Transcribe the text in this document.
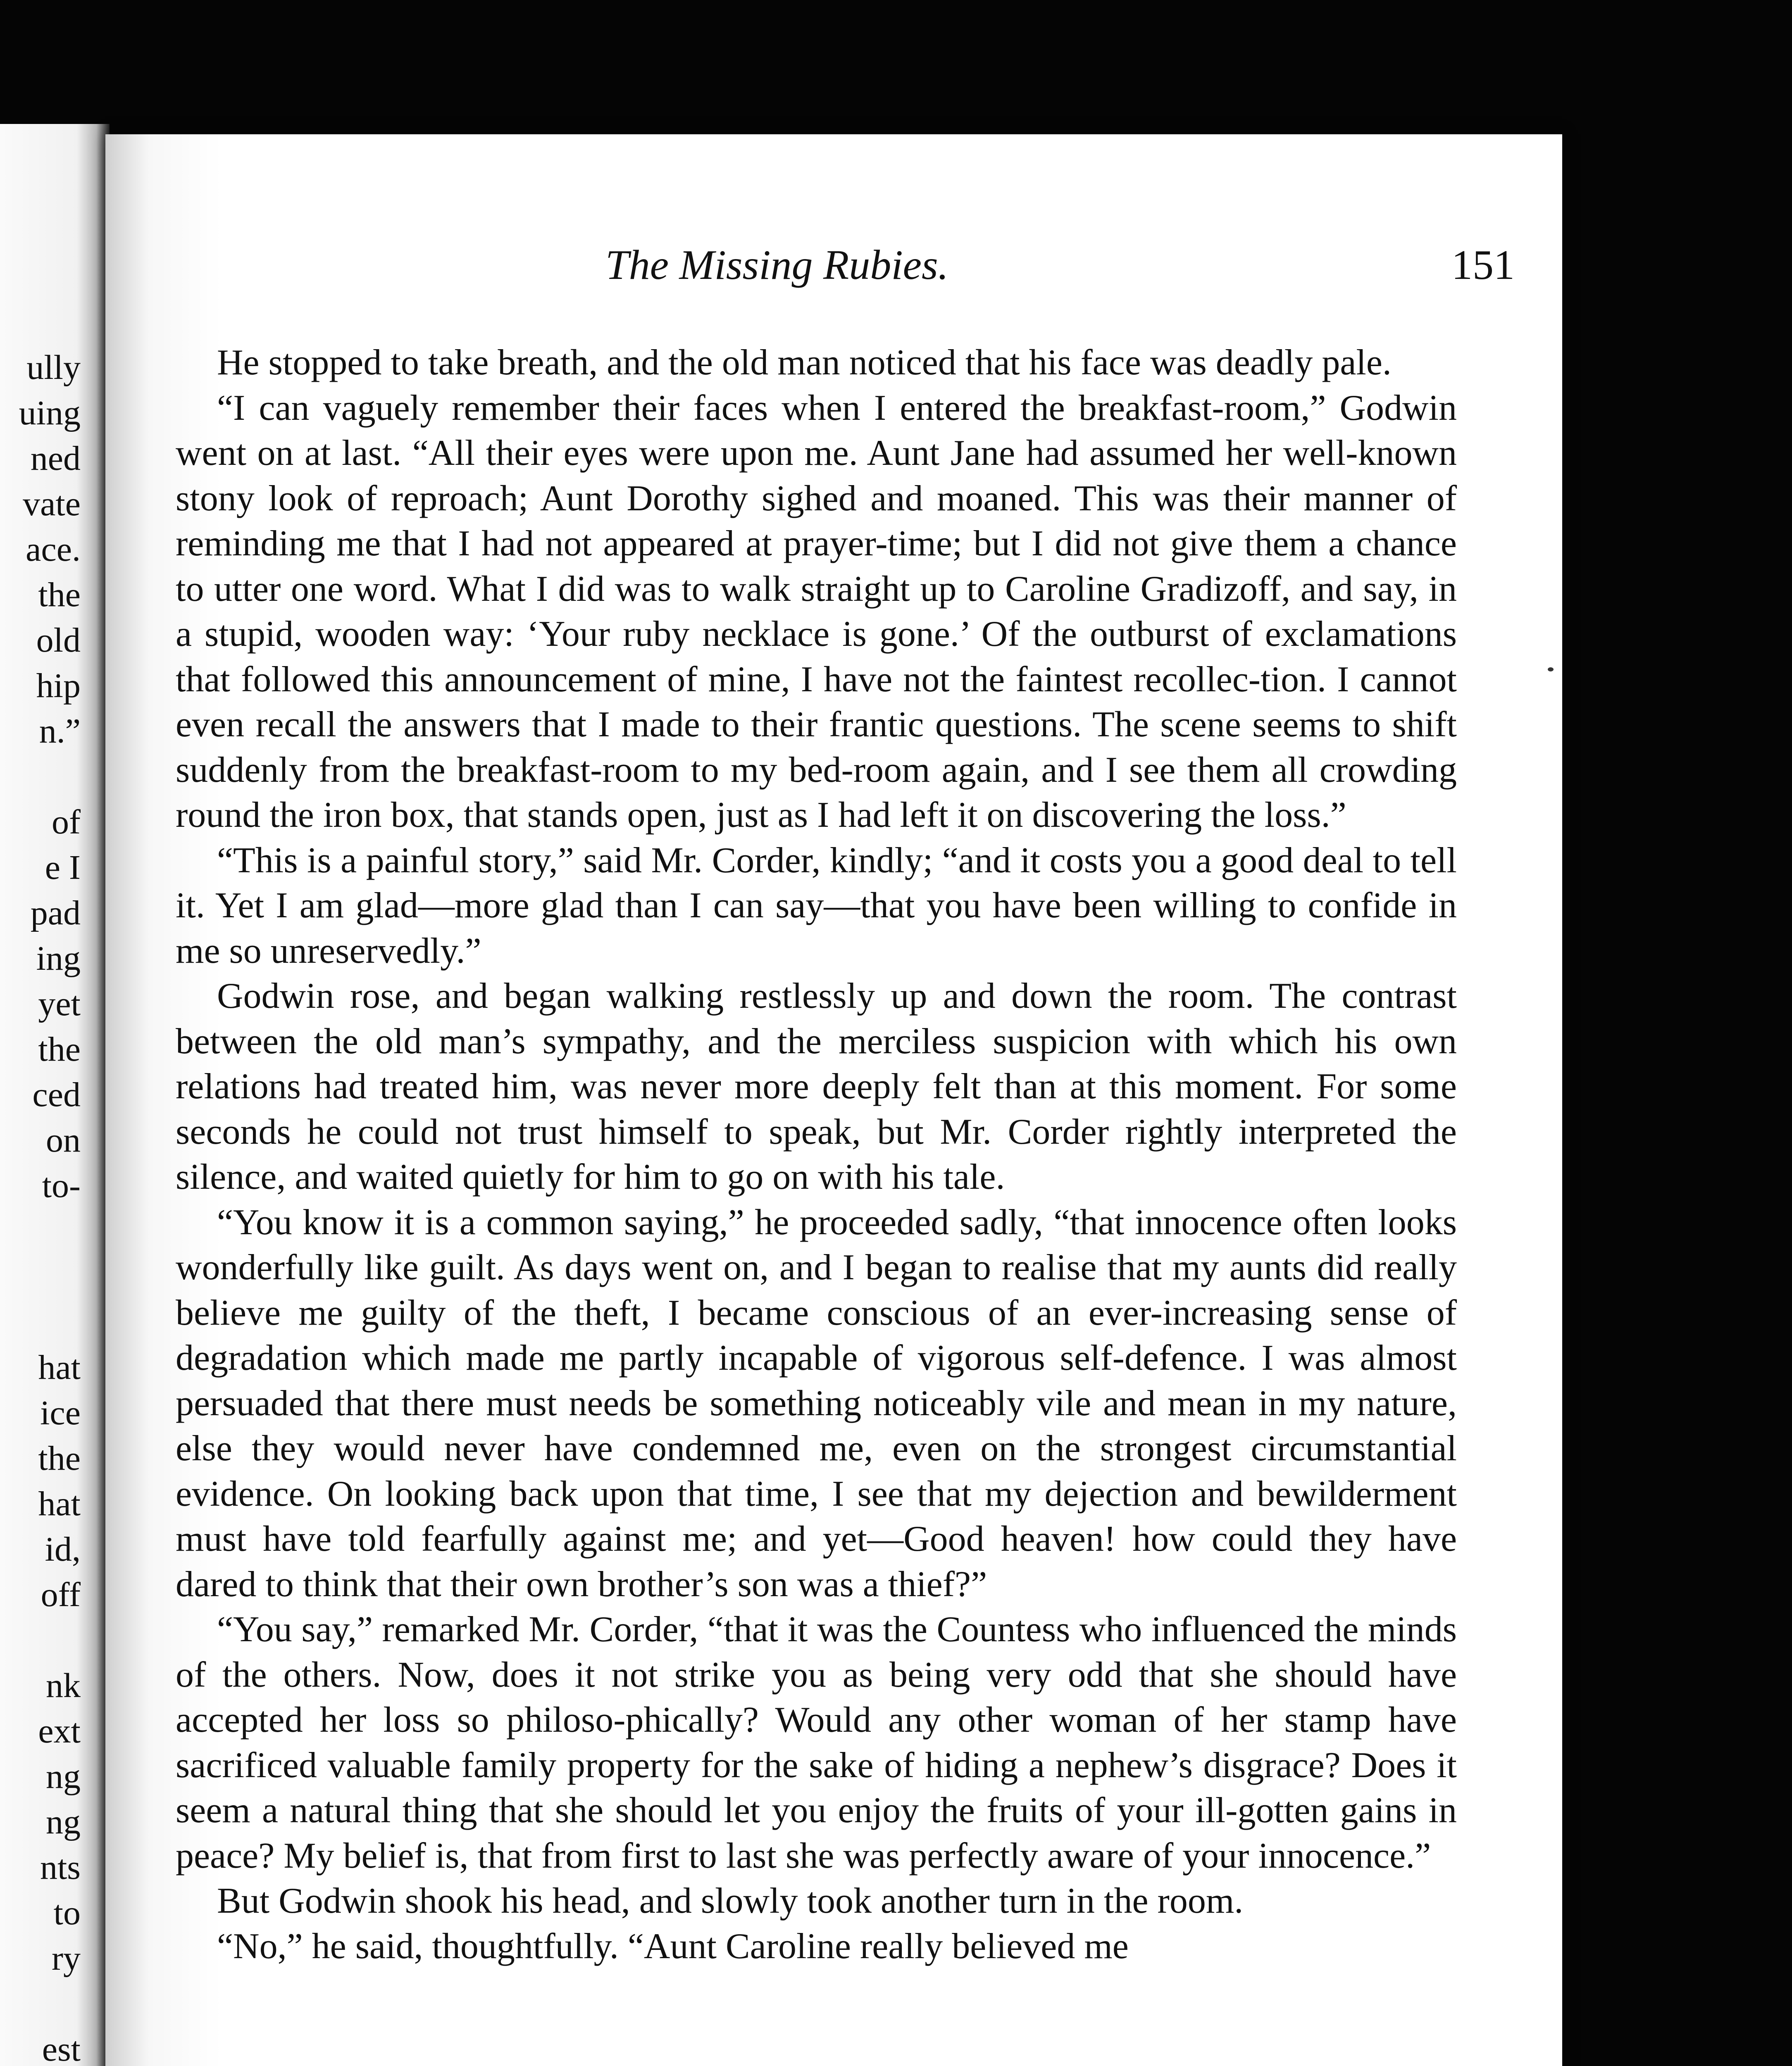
ully
uing
ned
vate
ace.
the
old
hip
n.”
of
e I
pad
ing
yet
the
ced
on
to-
hat
ice
the
hat
id,
off
nk
ext
ng
ng
nts
to
ry
est
The Missing Rubies.	151

He stopped to take breath, and the old man noticed that his face was deadly pale.

“I can vaguely remember their faces when I entered the breakfast-room,” Godwin went on at last. “All their eyes were upon me. Aunt Jane had assumed her well-known stony look of reproach; Aunt Dorothy sighed and moaned. This was their manner of reminding me that I had not appeared at prayer-time; but I did not give them a chance to utter one word. What I did was to walk straight up to Caroline Gradizoff, and say, in a stupid, wooden way: ‘Your ruby necklace is gone.’ Of the outburst of exclamations that followed this announcement of mine, I have not the faintest recollec-tion. I cannot even recall the answers that I made to their frantic questions. The scene seems to shift suddenly from the breakfast-room to my bed-room again, and I see them all crowding round the iron box, that stands open, just as I had left it on discovering the loss.”

“This is a painful story,” said Mr. Corder, kindly; “and it costs you a good deal to tell it. Yet I am glad—more glad than I can say—that you have been willing to confide in me so unreservedly.”

Godwin rose, and began walking restlessly up and down the room. The contrast between the old man’s sympathy, and the merciless suspicion with which his own relations had treated him, was never more deeply felt than at this moment. For some seconds he could not trust himself to speak, but Mr. Corder rightly interpreted the silence, and waited quietly for him to go on with his tale.

“You know it is a common saying,” he proceeded sadly, “that innocence often looks wonderfully like guilt. As days went on, and I began to realise that my aunts did really believe me guilty of the theft, I became conscious of an ever-increasing sense of degradation which made me partly incapable of vigorous self-defence. I was almost persuaded that there must needs be something noticeably vile and mean in my nature, else they would never have condemned me, even on the strongest circumstantial evidence. On looking back upon that time, I see that my dejection and bewilderment must have told fearfully against me; and yet—Good heaven! how could they have dared to think that their own brother’s son was a thief?”

“You say,” remarked Mr. Corder, “that it was the Countess who influenced the minds of the others. Now, does it not strike you as being very odd that she should have accepted her loss so philoso-phically? Would any other woman of her stamp have sacrificed valuable family property for the sake of hiding a nephew’s disgrace? Does it seem a natural thing that she should let you enjoy the fruits of your ill-gotten gains in peace? My belief is, that from first to last she was perfectly aware of your innocence.”

But Godwin shook his head, and slowly took another turn in the room.

“No,” he said, thoughtfully. “Aunt Caroline really believed me
